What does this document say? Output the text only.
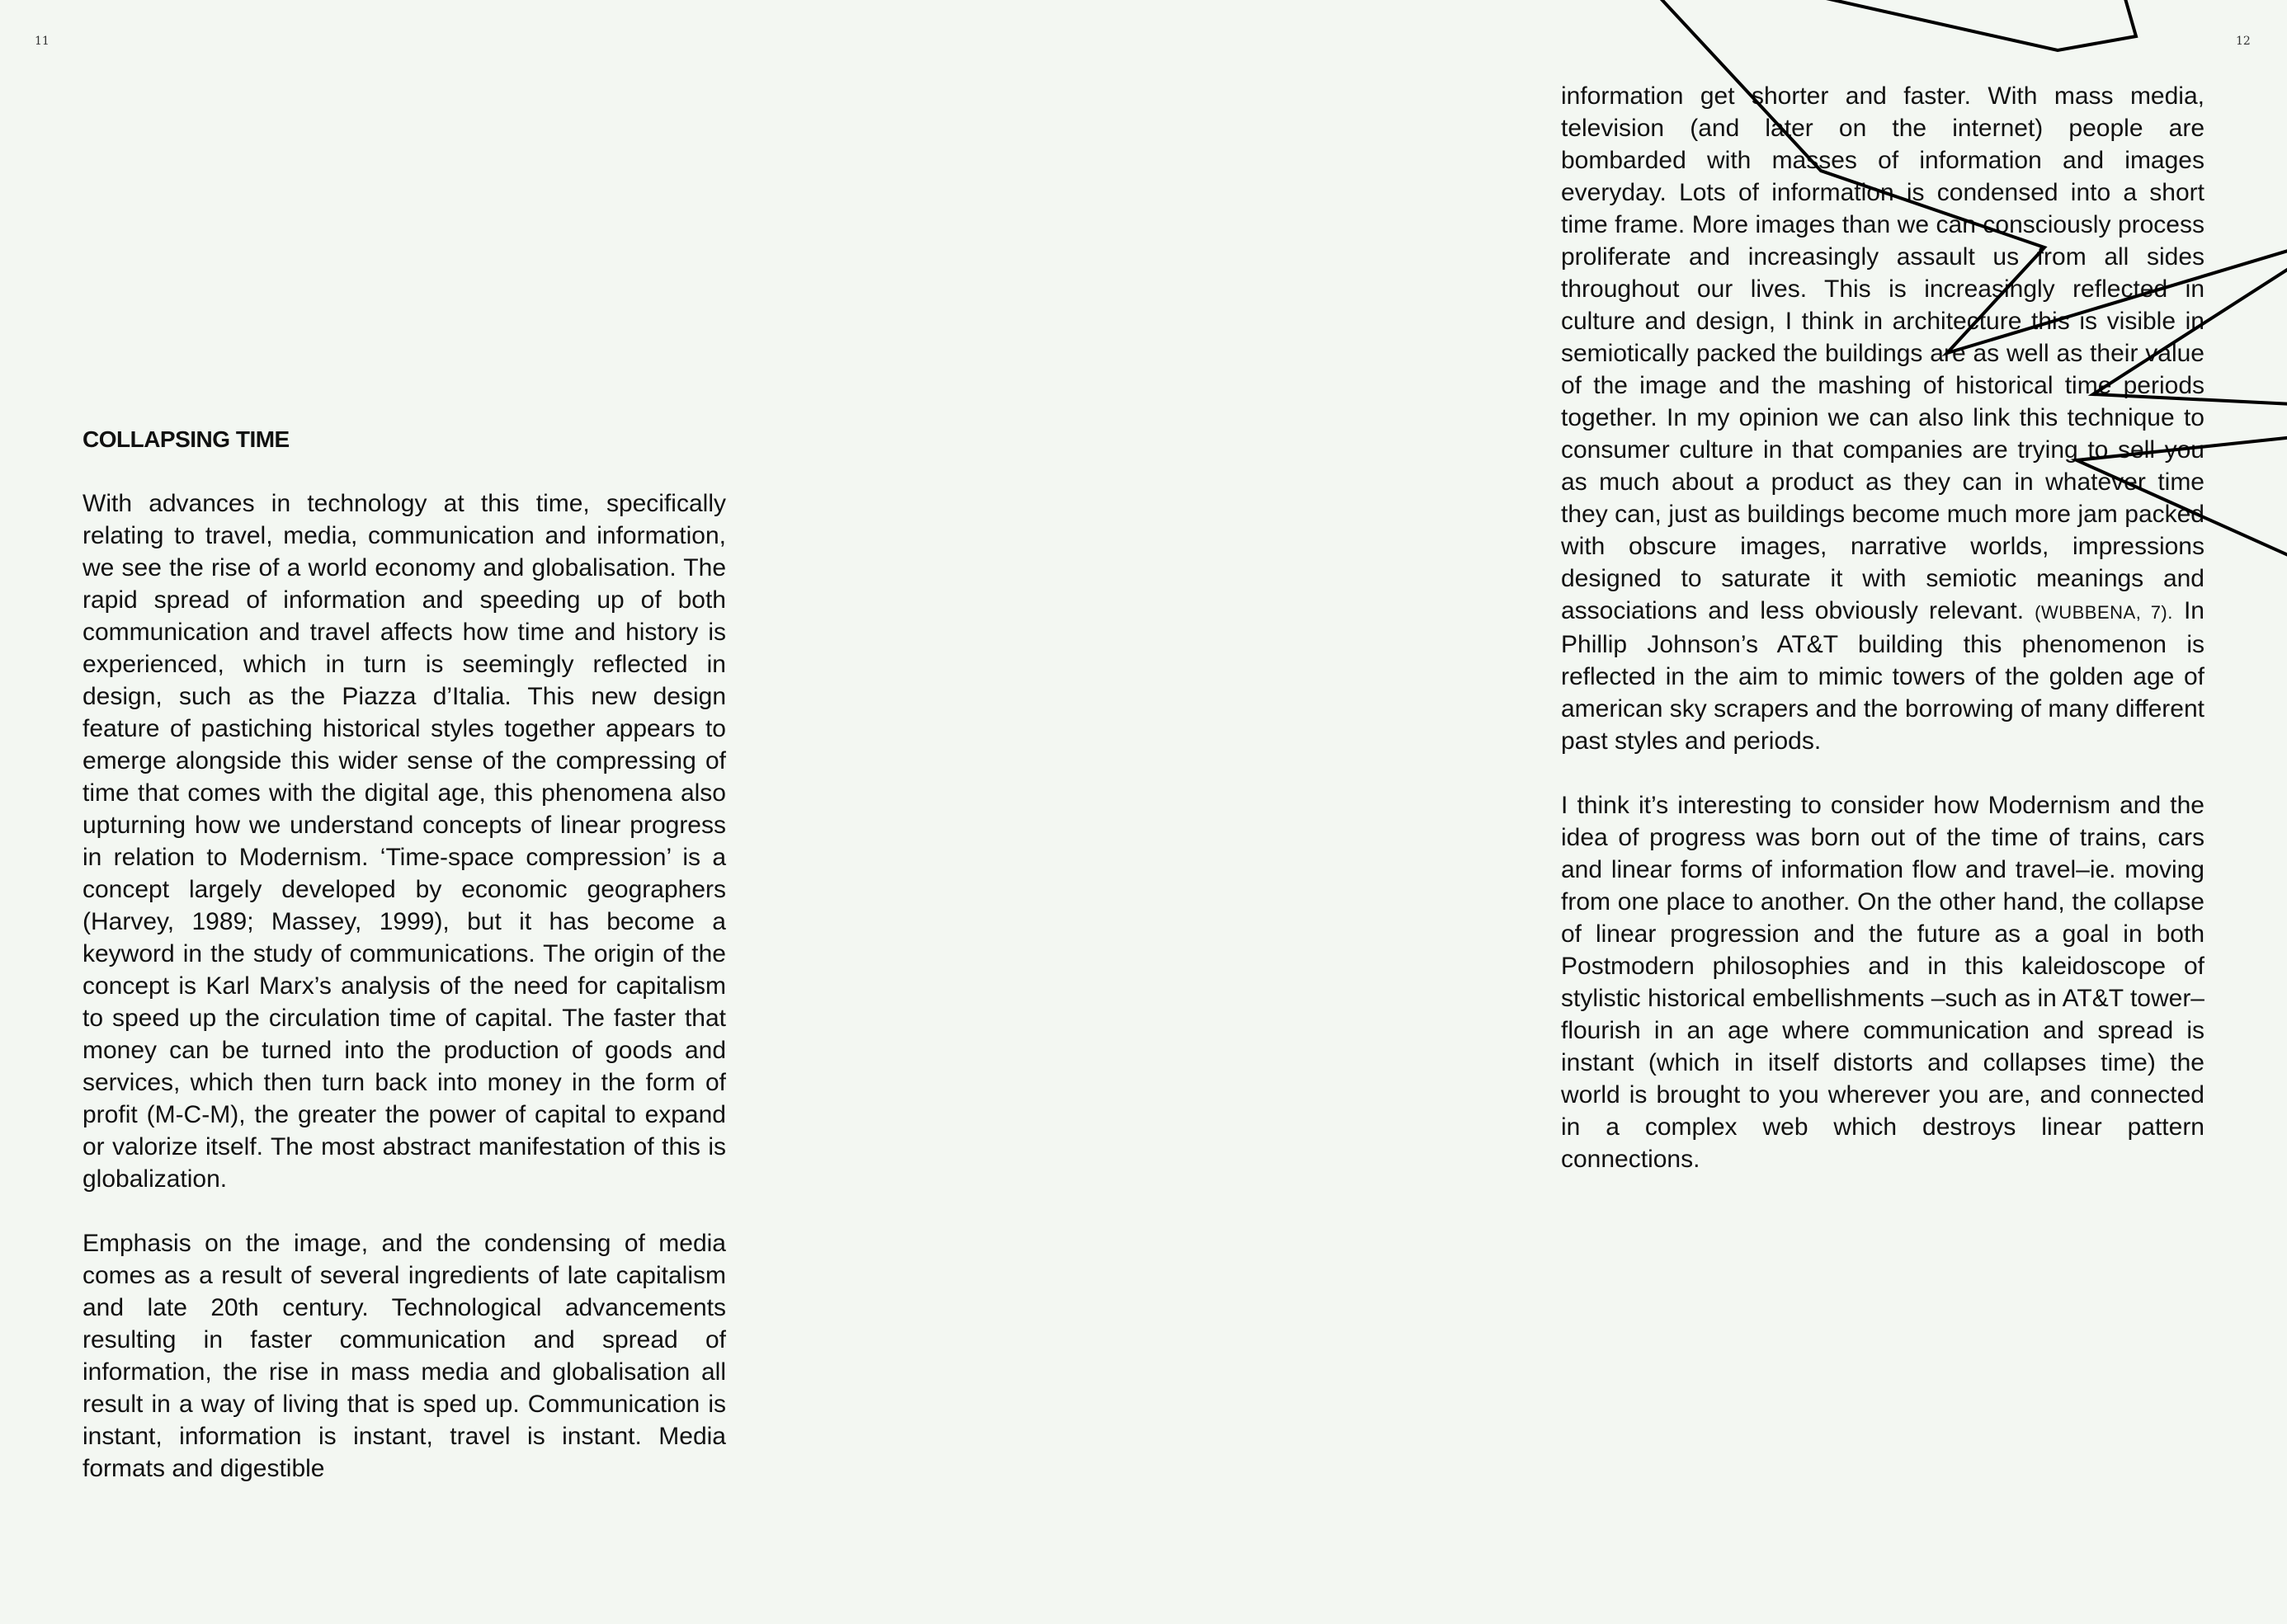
11	12
COLLAPSING TIME

With advances in technology at this time, specifically relating to travel, media, communication and information, we see the rise of a world economy and globalisation. The rapid spread of information and speeding up of both communication and travel affects how time and history is experienced, which in turn is seemingly reflected in design, such as the Piazza d’Italia. This new design feature of pastiching historical styles together appears to emerge alongside this wider sense of the compressing of time that comes with the digital age, this phenomena also upturning how we understand concepts of linear progress in relation to Modernism. ‘Time-space compression’ is a concept largely developed by economic geographers (Harvey, 1989; Massey, 1999), but it has become a keyword in the study of communications. The origin of the concept is Karl Marx’s analysis of the need for capitalism to speed up the circulation time of capital. The faster that money can be turned into the production of goods and services, which then turn back into money in the form of profit (M-C-M), the greater the power of capital to expand or valorize itself. The most abstract manifestation of this is globalization.

Emphasis on the image, and the condensing of media comes as a result of several ingredients of late capitalism and late 20th century. Technological advancements resulting in faster communication and spread of information, the rise in mass media and globalisation all result in a way of living that is sped up. Communication is instant, information is instant, travel is instant. Media formats and digestible

information get shorter and faster. With mass media, television (and later on the internet) people are bombarded with masses of information and images everyday. Lots of information is condensed into a short time frame. More images than we can consciously process proliferate and increasingly assault us from all sides throughout our lives. This is increasingly reflected in culture and design, I think in architecture this is visible in semiotically packed the buildings are as well as their value of the image and the mashing of historical time periods together. In my opinion we can also link this technique to consumer culture in that companies are trying to sell you as much about a product as they can in whatever time they can, just as buildings become much more jam packed with obscure images, narrative worlds, impressions designed to saturate it with semiotic meanings and associations and less obviously relevant. (WUBBENA, 7). In Phillip Johnson’s AT&T building this phenomenon is reflected in the aim to mimic towers of the golden age of american sky scrapers and the borrowing of many different past styles and periods.

I think it’s interesting to consider how Modernism and the idea of progress was born out of the time of trains, cars and linear forms of information flow and travel–ie. moving from one place to another. On the other hand, the collapse of linear progression and the future as a goal in both Postmodern philosophies and in this kaleidoscope of stylistic historical embellishments –such as in AT&T tower–flourish in an age where communication and spread is instant (which in itself distorts and collapses time) the world is brought to you wherever you are, and connected in a complex web which destroys linear pattern connections.
